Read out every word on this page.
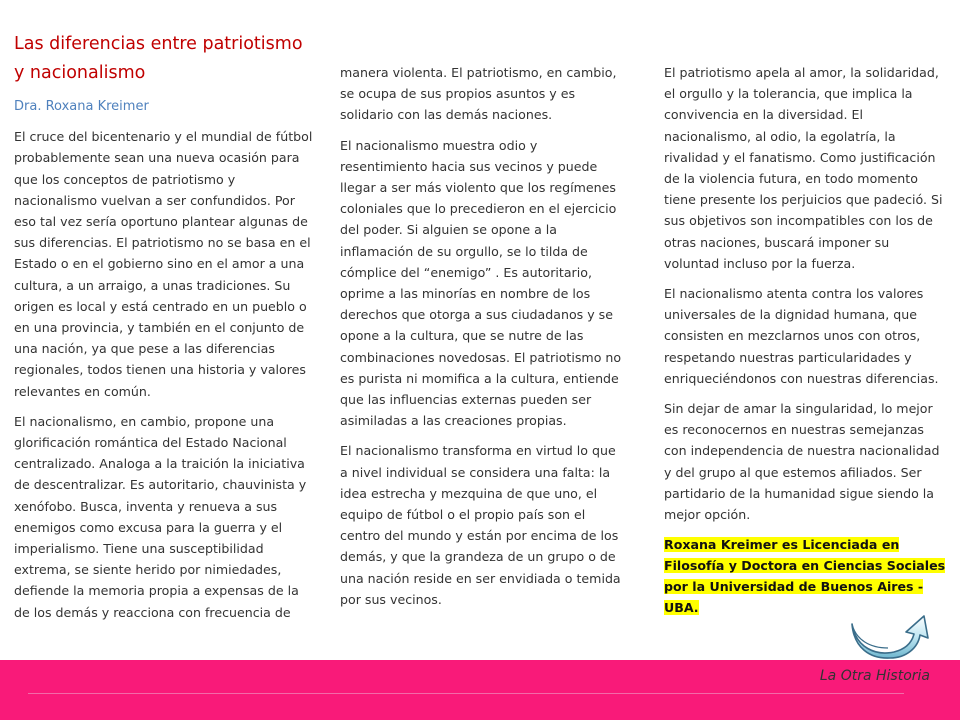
Las diferencias entre patriotismo y nacionalismo

Dra. Roxana Kreimer

El cruce del bicentenario y el mundial de fútbol probablemente sean una nueva ocasión para que los conceptos de patriotismo y nacionalismo vuelvan a ser confundidos. Por eso tal vez sería oportuno plantear algunas de sus diferencias. El patriotismo no se basa en el Estado o en el gobierno sino en el amor a una cultura, a un arraigo, a unas tradiciones. Su origen es local y está centrado en un pueblo o en una provincia, y también en el conjunto de una nación, ya que pese a las diferencias regionales, todos tienen una historia y valores relevantes en común.

El nacionalismo, en cambio, propone una glorificación romántica del Estado Nacional centralizado. Analoga a la traición la iniciativa de descentralizar. Es autoritario, chauvinista y xenófobo. Busca, inventa y renueva a sus enemigos como excusa para la guerra y el imperialismo. Tiene una susceptibilidad extrema, se siente herido por nimiedades, defiende la memoria propia a expensas de la de los demás y reacciona con frecuencia de

manera violenta. El patriotismo, en cambio, se ocupa de sus propios asuntos y es solidario con las demás naciones.

El nacionalismo muestra odio y resentimiento hacia sus vecinos y puede llegar a ser más violento que los regímenes coloniales que lo precedieron en el ejercicio del poder. Si alguien se opone a la inflamación de su orgullo, se lo tilda de cómplice del “enemigo” . Es autoritario, oprime a las minorías en nombre de los derechos que otorga a sus ciudadanos y se opone a la cultura, que se nutre de las combinaciones novedosas. El patriotismo no es purista ni momifica a la cultura, entiende que las influencias externas pueden ser asimiladas a las creaciones propias.

El nacionalismo transforma en virtud lo que a nivel individual se considera una falta: la idea estrecha y mezquina de que uno, el equipo de fútbol o el propio país son el centro del mundo y están por encima de los demás, y que la grandeza de un grupo o de una nación reside en ser envidiada o temida por sus vecinos.

El patriotismo apela al amor, la solidaridad, el orgullo y la tolerancia, que implica la convivencia en la diversidad. El nacionalismo, al odio, la egolatría, la rivalidad y el fanatismo. Como justificación de la violencia futura, en todo momento tiene presente los perjuicios que padeció. Si sus objetivos son incompatibles con los de otras naciones, buscará imponer su voluntad incluso por la fuerza.

El nacionalismo atenta contra los valores universales de la dignidad humana, que consisten en mezclarnos unos con otros, respetando nuestras particularidades y enriqueciéndonos con nuestras diferencias.

Sin dejar de amar la singularidad, lo mejor es reconocernos en nuestras semejanzas con independencia de nuestra nacionalidad y del grupo al que estemos afiliados. Ser partidario de la humanidad sigue siendo la mejor opción.

Roxana Kreimer es Licenciada en Filosofía y Doctora en Ciencias Sociales por la Universidad de Buenos Aires - UBA.

La Otra Historia
